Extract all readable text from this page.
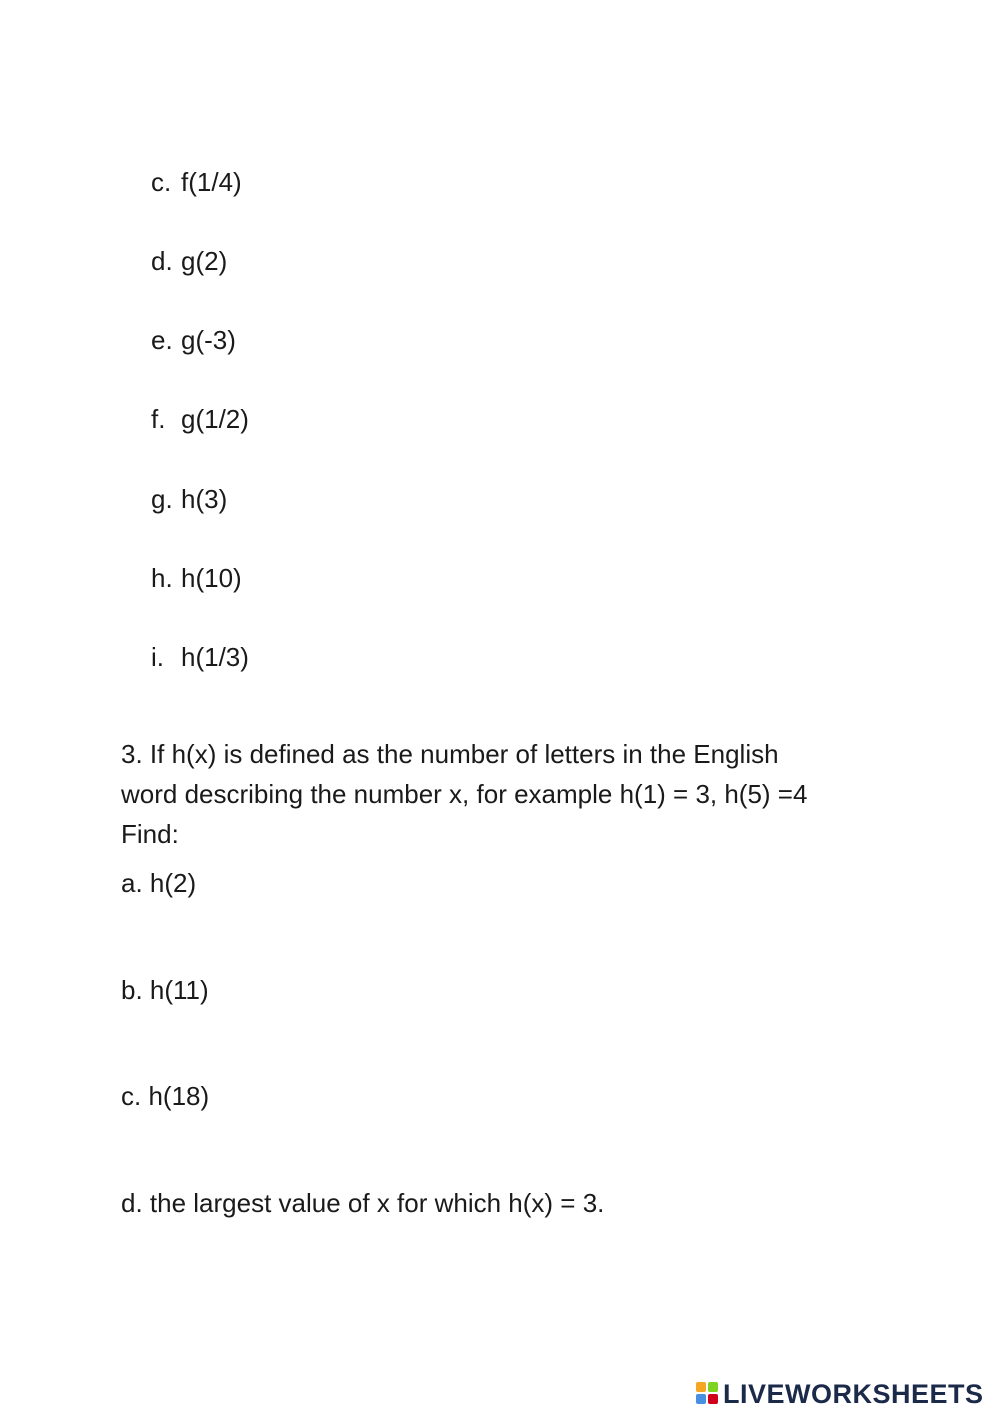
c. f(1/4)
d. g(2)
e. g(-3)
f. g(1/2)
g. h(3)
h. h(10)
i. h(1/3)
3. If h(x) is defined as the number of letters in the English
word describing the number x, for example h(1) = 3, h(5) =4
Find:
a. h(2)
b. h(11)
c. h(18)
d. the largest value of x for which h(x) = 3.
LIVEWORKSHEETS
